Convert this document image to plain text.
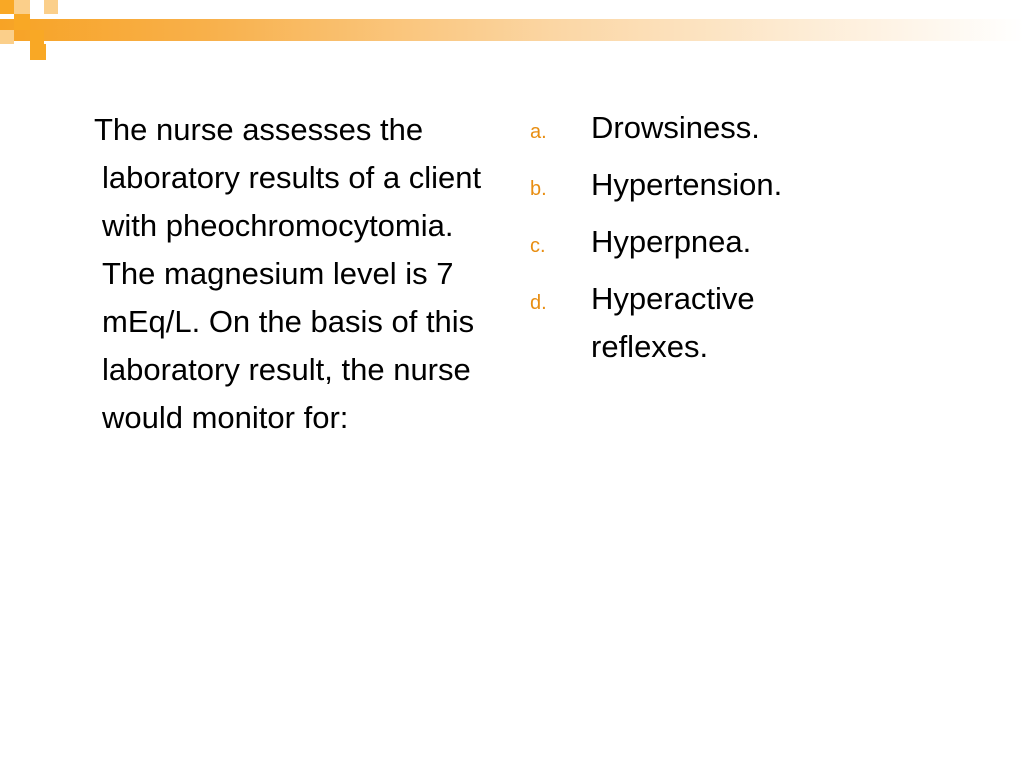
The nurse assesses the laboratory results of a client with pheochromocytomia. The magnesium level is 7 mEq/L. On the basis of this laboratory result, the nurse would monitor for:

a.	Drowsiness.
b.	Hypertension.
c.	Hyperpnea.
d.	Hyperactive reflexes.
